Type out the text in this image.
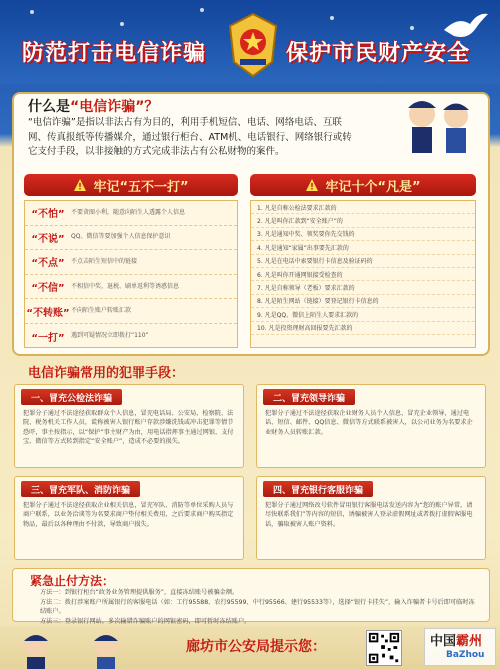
防范打击电信诈骗	保护市民财产安全
什么是“电信诈骗”？
“电信诈骗”是指以非法占有为目的，利用手机短信、电话、网络电话、互联网、传真报纸等传播媒介，通过银行柜台、ATM机、电话银行、网络银行或转它支付手段，以非接触的方式完成非法占有公私财物的案件。
牢记“五不一打”	牢记十个“凡是”
“不怕”	不要贪图小利，随意向陌生人透露个人信息
“不说”	QQ、微信等要加强个人信息保护意识
“不点”	不点击陌生短信中的链接
“不信”	不相信中奖、退税、刷单返利等诱惑信息
“不转账” 不向陌生账户转账汇款
“一打”	遇到可疑情况立即拨打“110”
1. 凡是自称公检法要求汇款的
2. 凡是叫你汇款到“安全账户”的
3. 凡是通知中奖、领奖要你先交钱的
4. 凡是通知“家属”出事要先汇款的
5. 凡是在电话中索要银行卡信息及验证码的
6. 凡是叫你开通网银接受检查的
7. 凡是自称领导（老板）要求汇款的
8. 凡是陌生网站（链接）要登记银行卡信息的
9. 凡是QQ、微信上陌生人要求汇款的
10. 凡是投资理财高回报要先汇款的
电信诈骗常用的犯罪手段：
一、冒充公检法诈骗
犯罪分子通过不法途径获取群众个人信息，冒充电话局、公安局、检察院、法院、税务机关工作人员，谎称被害人银行账户存款涉嫌洗钱或冲击犯罪等情节恐吓，事主按指示，以“保护”事主财产为由，用电话指挥事主通过网银、支付宝、微信等方式转到指定“安全账户”，造成不必要的损失。
二、冒充领导诈骗
犯罪分子通过不法途径获取企业财务人员个人信息，冒充企业领导，通过电话、短信、邮件、QQ信息、微信等方式联系被害人，以公司业务为名要求企业财务人员转账汇款。
三、冒充军队、消防诈骗
犯罪分子通过不法途径获取企业相关信息，冒充军队、消防等单位采购人员与商户联系，以业务洽谈等为名要求商户垫付相关费用，之后要求商户购买指定物品，最后以各种理由不付款，导致商户损失。
四、冒充银行客服诈骗
犯罪分子通过网络改号软件冒用银行客服电话发送内容为“您的账户异常，请尽快联系我们”等内容的短信，诱骗被害人登录虚假网址或者拨打虚假客服电话，骗取被害人账户资料。
紧急止付方法：
方法一：到银行柜台“政务业务管理提供服务”，直接冻结账号被骗金额。
方法二：拨打涉案账户所属银行的客服电话（如：工行95588、农行95599、中行95566、建行95533等），选择“银行卡挂失”，输入诈骗者卡号后即可临时冻结账户。
方法三：登录银行网站，多次输错诈骗账户的网银密码，即可暂时冻结账户。
廊坊市公安局提示您：	中国霸州
BaZhou
